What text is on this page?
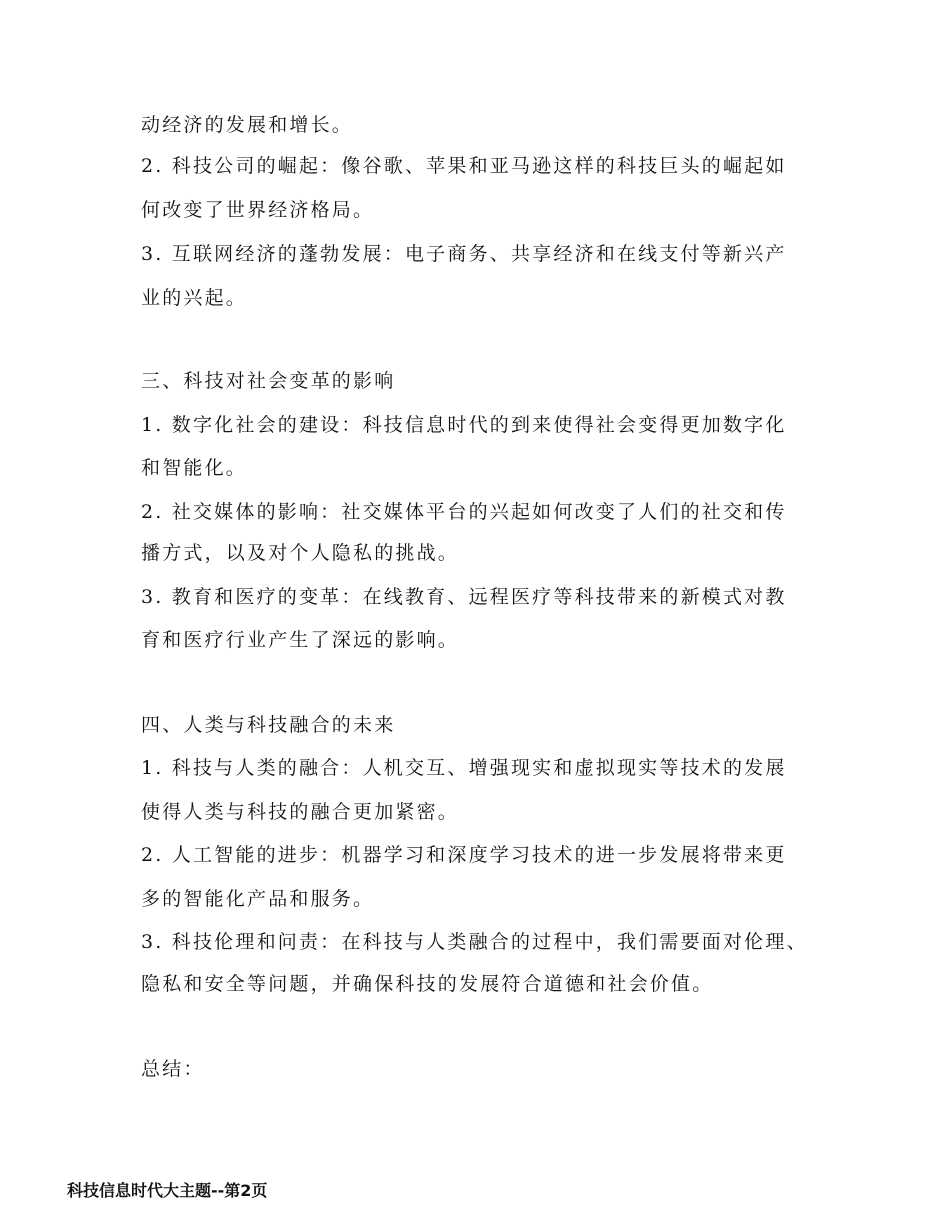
动经济的发展和增长。
2. 科技公司的崛起：像谷歌、苹果和亚马逊这样的科技巨头的崛起如
何改变了世界经济格局。
3. 互联网经济的蓬勃发展：电子商务、共享经济和在线支付等新兴产
业的兴起。
三、科技对社会变革的影响
1. 数字化社会的建设：科技信息时代的到来使得社会变得更加数字化
和智能化。
2. 社交媒体的影响：社交媒体平台的兴起如何改变了人们的社交和传
播方式，以及对个人隐私的挑战。
3. 教育和医疗的变革：在线教育、远程医疗等科技带来的新模式对教
育和医疗行业产生了深远的影响。
四、人类与科技融合的未来
1. 科技与人类的融合：人机交互、增强现实和虚拟现实等技术的发展
使得人类与科技的融合更加紧密。
2. 人工智能的进步：机器学习和深度学习技术的进一步发展将带来更
多的智能化产品和服务。
3. 科技伦理和问责：在科技与人类融合的过程中，我们需要面对伦理、
隐私和安全等问题，并确保科技的发展符合道德和社会价值。
总结：
科技信息时代大主题--第2页
